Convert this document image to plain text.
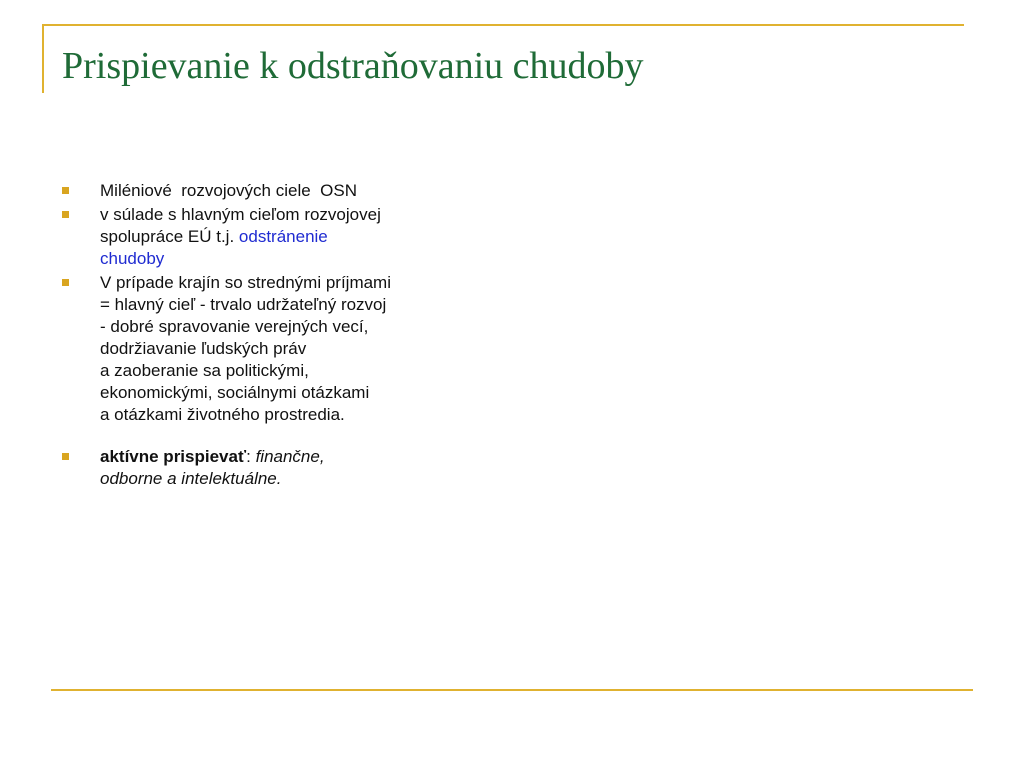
Prispievanie k odstraňovaniu chudoby
Miléniové  rozvojových ciele  OSN
v súlade s hlavným cieľom rozvojovej
spolupráce EÚ t.j. odstránenie
chudoby
V prípade krajín so strednými príjmami
= hlavný cieľ - trvalo udržateľný rozvoj
- dobré spravovanie verejných vecí,
dodržiavanie ľudských práv
a zaoberanie sa politickými,
ekonomickými, sociálnymi otázkami
a otázkami životného prostredia.
aktívne prispievať: finančne,
odborne a intelektuálne.
